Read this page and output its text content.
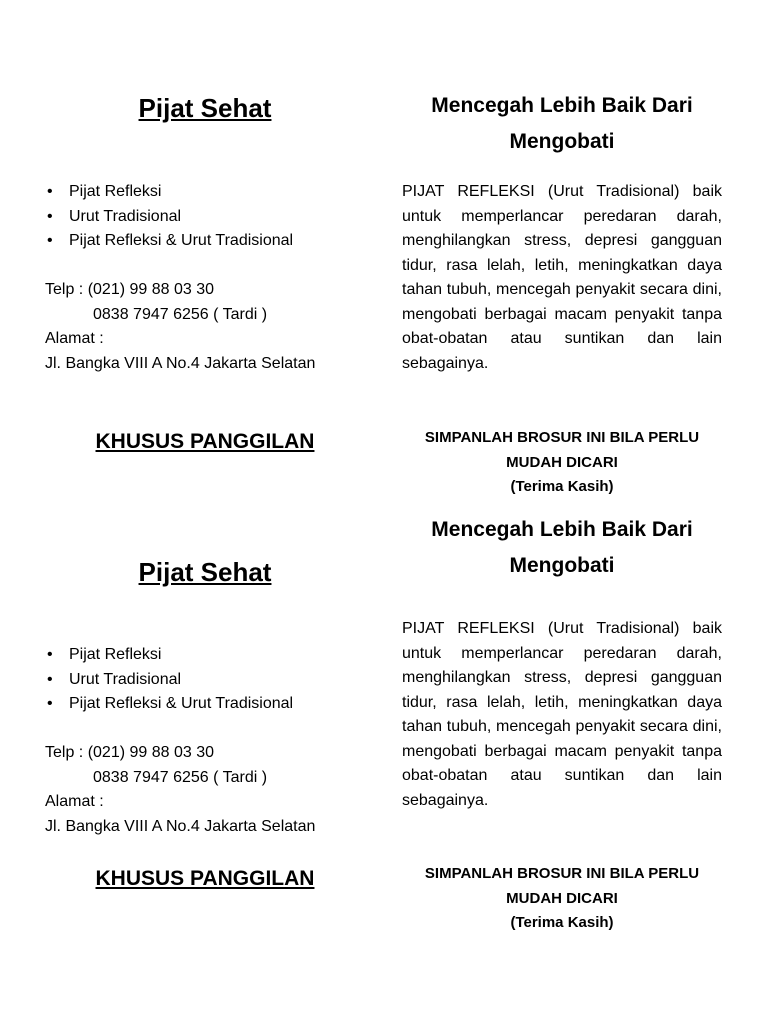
Pijat Sehat
• Pijat Refleksi
• Urut Tradisional
• Pijat Refleksi & Urut Tradisional
Telp : (021) 99 88 03 30
0838 7947 6256 ( Tardi )
Alamat :
Jl. Bangka VIII A No.4 Jakarta Selatan
KHUSUS PANGGILAN
Mencegah Lebih Baik Dari
Mengobati
PIJAT REFLEKSI (Urut Tradisional) baik untuk memperlancar peredaran darah, menghilangkan stress, depresi gangguan tidur, rasa lelah, letih, meningkatkan daya tahan tubuh, mencegah penyakit secara dini, mengobati berbagai macam penyakit tanpa obat-obatan atau suntikan dan lain sebagainya.
SIMPANLAH BROSUR INI BILA PERLU
MUDAH DICARI
(Terima Kasih)
Pijat Sehat
• Pijat Refleksi
• Urut Tradisional
• Pijat Refleksi & Urut Tradisional
Telp : (021) 99 88 03 30
0838 7947 6256 ( Tardi )
Alamat :
Jl. Bangka VIII A No.4 Jakarta Selatan
KHUSUS PANGGILAN
Mencegah Lebih Baik Dari
Mengobati
PIJAT REFLEKSI (Urut Tradisional) baik untuk memperlancar peredaran darah, menghilangkan stress, depresi gangguan tidur, rasa lelah, letih, meningkatkan daya tahan tubuh, mencegah penyakit secara dini, mengobati berbagai macam penyakit tanpa obat-obatan atau suntikan dan lain sebagainya.
SIMPANLAH BROSUR INI BILA PERLU
MUDAH DICARI
(Terima Kasih)
